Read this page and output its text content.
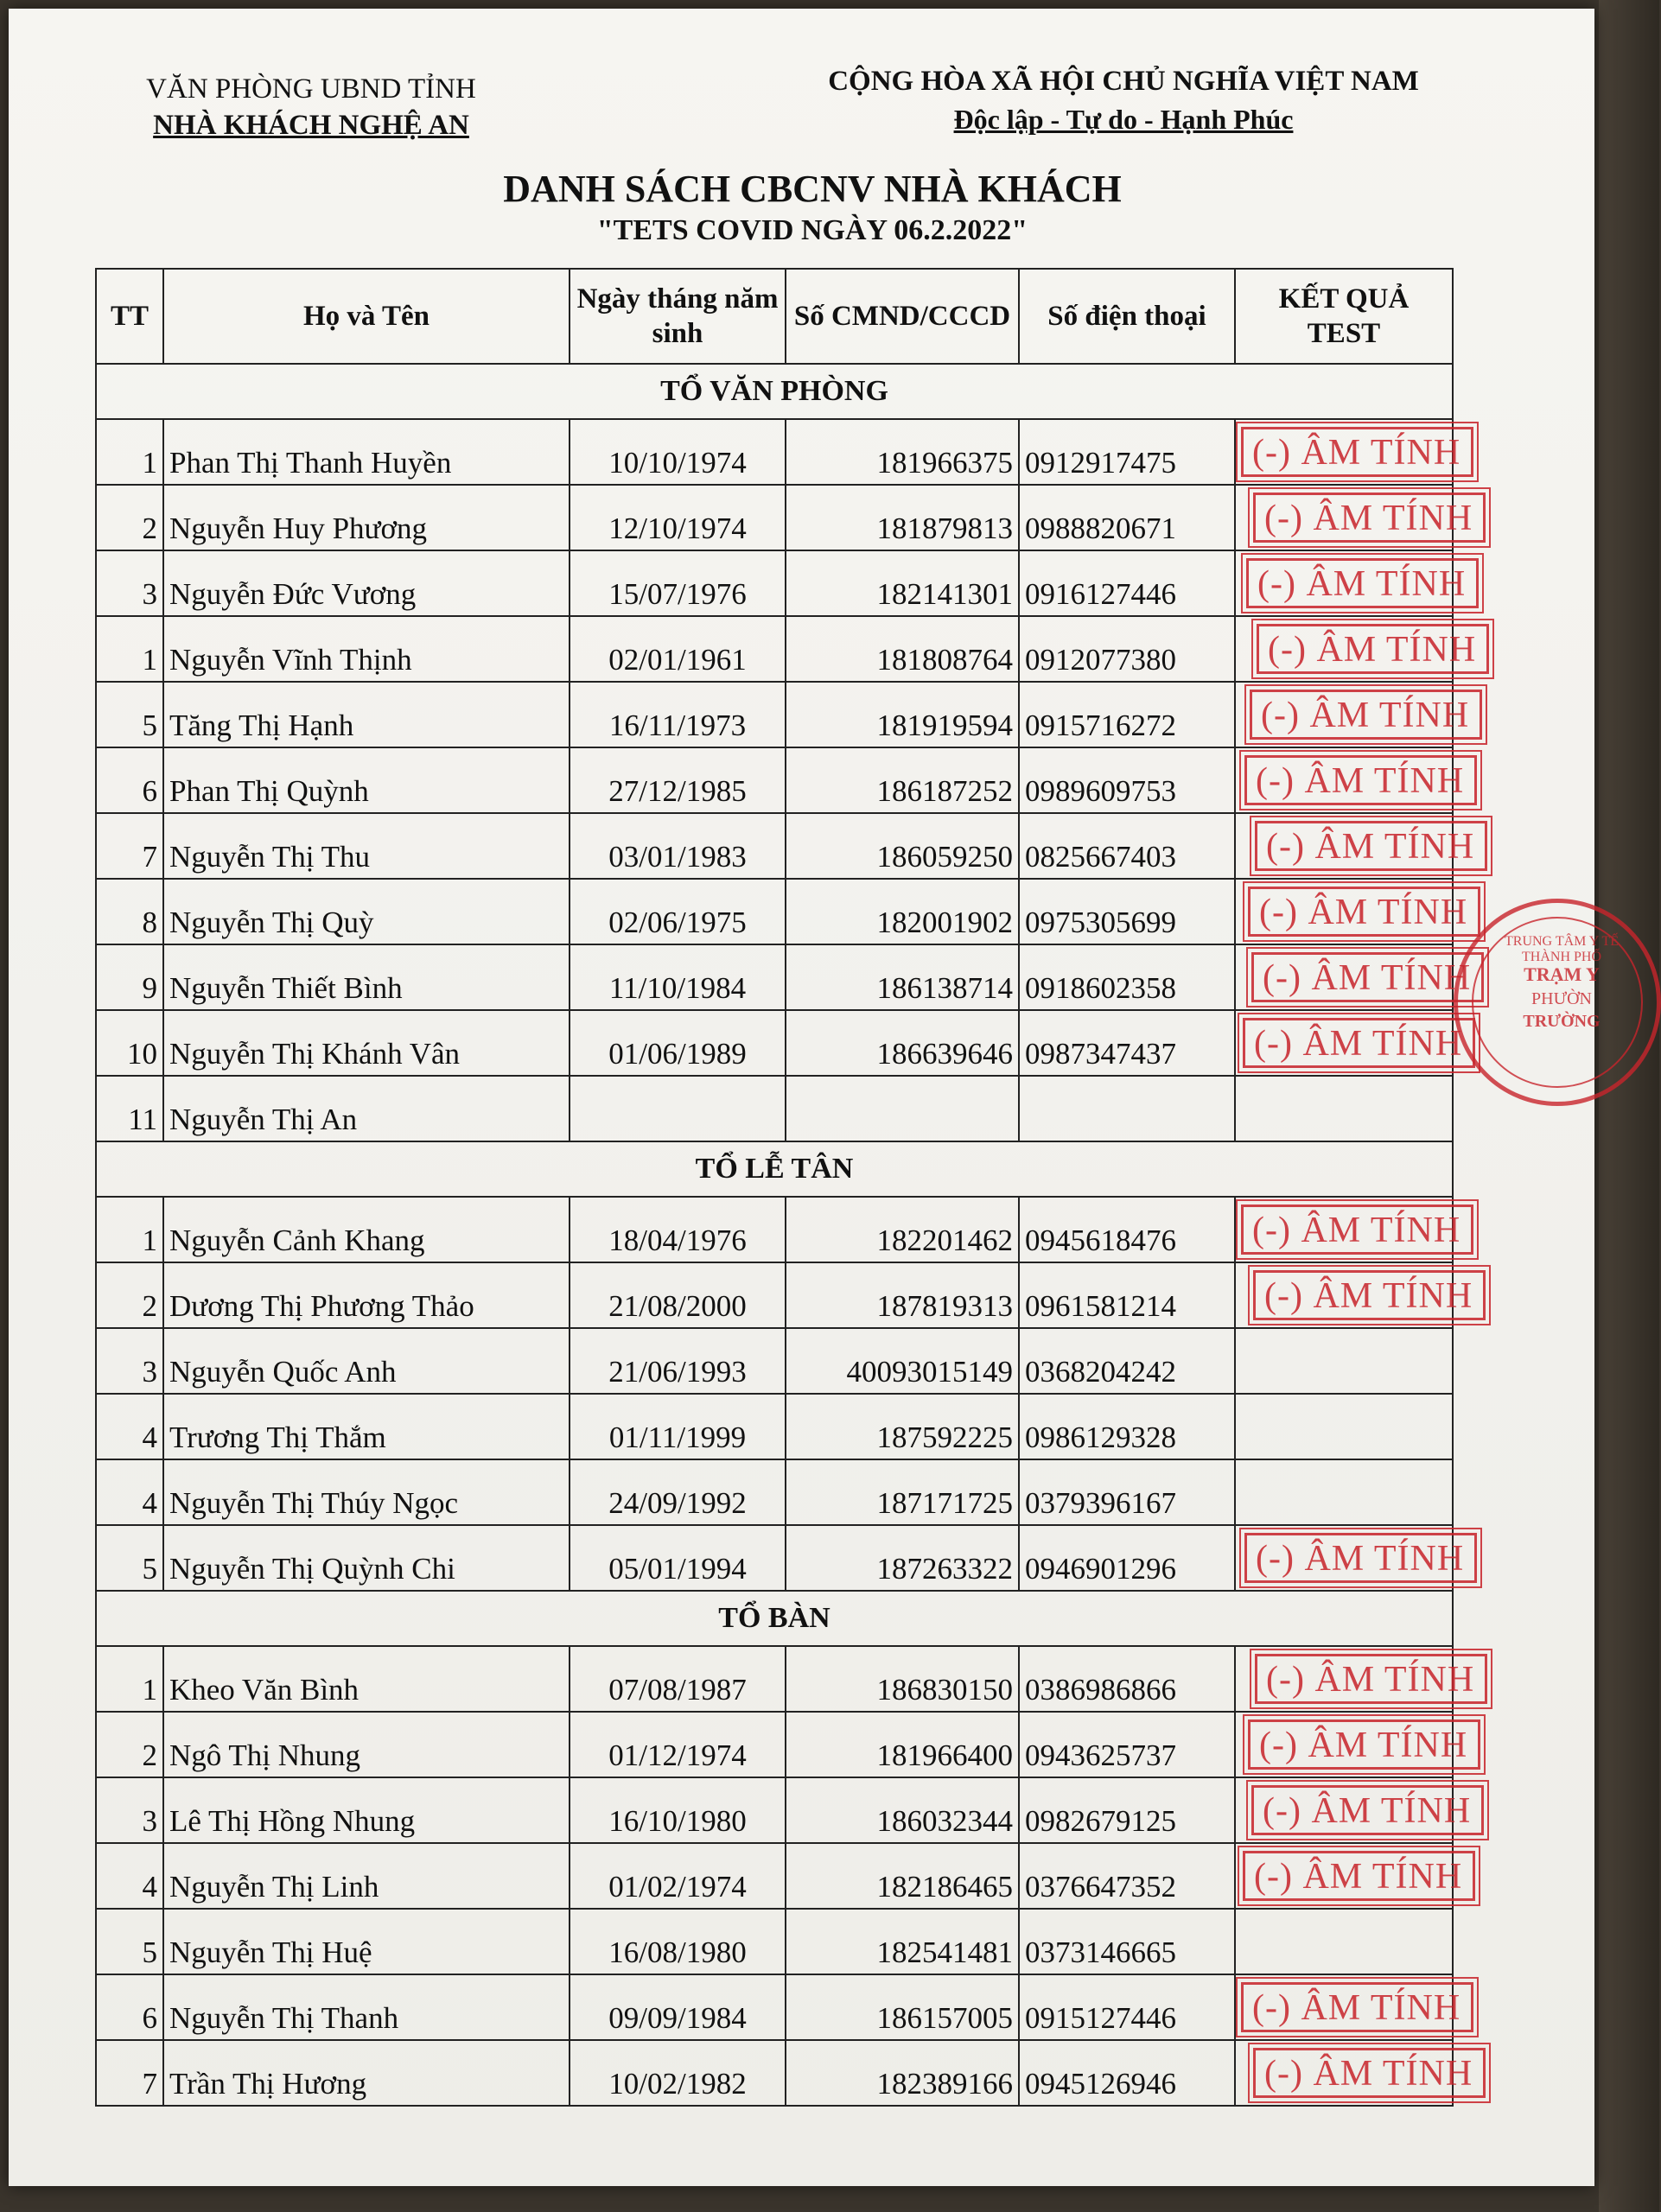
VĂN PHÒNG UBND TỈNH
NHÀ KHÁCH NGHỆ AN
CỘNG HÒA XÃ HỘI CHỦ NGHĨA VIỆT NAM
Độc lập - Tự do - Hạnh Phúc
DANH SÁCH CBCNV NHÀ KHÁCH
"TETS COVID NGÀY 06.2.2022"
TT	Họ và Tên	Ngày tháng năm sinh	Số CMND/CCCD	Số điện thoại	KẾT QUẢ TEST
TỔ VĂN PHÒNG					
1	Phan Thị Thanh Huyền	10/10/1974	181966375	0912917475	(-) ÂM TÍNH

2	Nguyễn Huy Phương	12/10/1974	181879813	0988820671	(-) ÂM TÍNH

3	Nguyễn Đức Vương	15/07/1976	182141301	0916127446	(-) ÂM TÍNH

1	Nguyễn Vĩnh Thịnh	02/01/1961	181808764	0912077380	(-) ÂM TÍNH

5	Tăng Thị Hạnh	16/11/1973	181919594	0915716272	(-) ÂM TÍNH

6	Phan Thị Quỳnh	27/12/1985	186187252	0989609753	(-) ÂM TÍNH

7	Nguyễn Thị Thu	03/01/1983	186059250	0825667403	(-) ÂM TÍNH

8	Nguyễn Thị Quỳ	02/06/1975	182001902	0975305699	(-) ÂM TÍNH

9	Nguyễn Thiết Bình	11/10/1984	186138714	0918602358	(-) ÂM TÍNH

10	Nguyễn Thị Khánh Vân	01/06/1989	186639646	0987347437	(-) ÂM TÍNH

11	Nguyễn Thị An				

TỔ LỄ TÂN					
1	Nguyễn Cảnh Khang	18/04/1976	182201462	0945618476	(-) ÂM TÍNH

2	Dương Thị Phương Thảo	21/08/2000	187819313	0961581214	(-) ÂM TÍNH

3	Nguyễn Quốc Anh	21/06/1993	40093015149	0368204242	

4	Trương Thị Thắm	01/11/1999	187592225	0986129328	

4	Nguyễn Thị Thúy Ngọc	24/09/1992	187171725	0379396167	

5	Nguyễn Thị Quỳnh Chi	05/01/1994	187263322	0946901296	(-) ÂM TÍNH

TỔ BÀN					
1	Kheo Văn Bình	07/08/1987	186830150	0386986866	(-) ÂM TÍNH

2	Ngô Thị Nhung	01/12/1974	181966400	0943625737	(-) ÂM TÍNH

3	Lê Thị Hồng Nhung	16/10/1980	186032344	0982679125	(-) ÂM TÍNH

4	Nguyễn Thị Linh	01/02/1974	182186465	0376647352	(-) ÂM TÍNH

5	Nguyễn Thị Huệ	16/08/1980	182541481	0373146665	

6	Nguyễn Thị Thanh	09/09/1984	186157005	0915127446	(-) ÂM TÍNH

7	Trần Thị Hương	10/02/1982	182389166	0945126946	(-) ÂM TÍNH
TRUNG TÂM Y TẾ THÀNH PHỐ
TRẠM Y
PHƯỜN
TRƯỜNG
